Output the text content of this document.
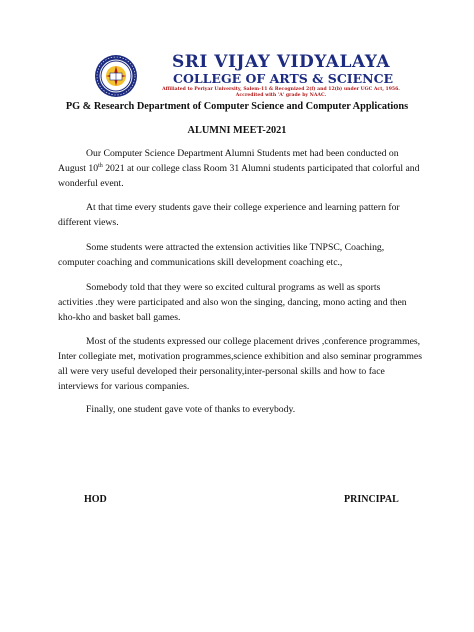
SRI VIJAY VIDYALAYA
COLLEGE OF ARTS & SCIENCE
Affiliated to Periyar University, Salem-11 & Recognized 2(f) and 12(b) under UGC Act, 1956.
Accredited with 'A' grade by NAAC.
PG & Research Department of Computer Science and Computer Applications
ALUMNI MEET-2021
Our Computer Science Department Alumni Students met had been conducted on
August 10th 2021 at our college class Room 31 Alumni students participated that colorful and
wonderful event.
At that time every students gave their college experience and learning pattern for
different views.
Some students were attracted the extension activities like TNPSC, Coaching,
computer coaching and communications skill development coaching etc.,
Somebody told that they were so excited cultural programs as well as sports
activities .they were participated and also won the singing, dancing, mono acting and then
kho-kho and basket ball games.
Most of the students expressed our college placement drives ,conference programmes,
Inter collegiate met, motivation programmes,science exhibition and also seminar programmes
all were very useful developed their personality,inter-personal skills and how to face
interviews for various companies.
Finally, one student gave vote of thanks to everybody.
HOD	PRINCIPAL
